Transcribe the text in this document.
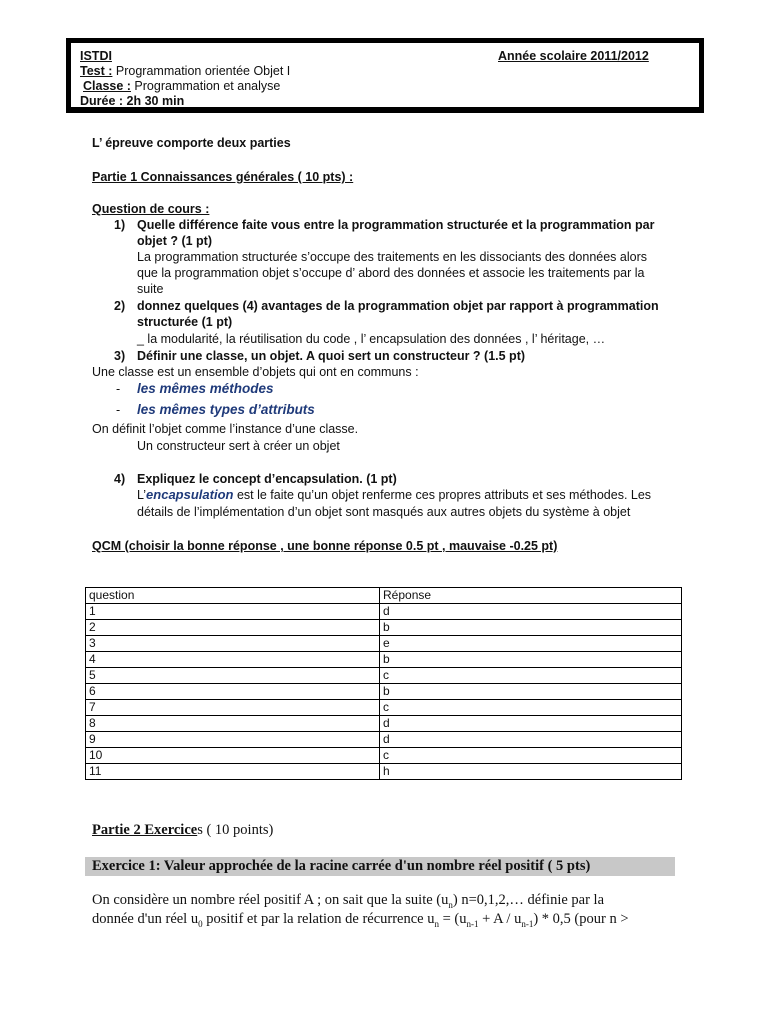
ISTDI	Année scolaire 2011/2012
Test : Programmation orientée Objet I
Classe : Programmation et analyse
Durée : 2h 30 min
L’ épreuve comporte deux parties
Partie 1 Connaissances générales ( 10 pts) :
Question de cours :
1) Quelle différence faite vous entre la programmation structurée et la programmation par
objet ? (1 pt)
La programmation structurée s’occupe des traitements en les dissociants des données alors
que la programmation objet s’occupe d’ abord des données et associe les traitements par la
suite
2) donnez quelques (4) avantages de la programmation objet par rapport à programmation
structurée (1 pt)
_ la modularité, la réutilisation du code , l’ encapsulation des données , l’ héritage, …
3) Définir une classe, un objet. A quoi sert un constructeur ? (1.5 pt)
Une classe est un ensemble d’objets qui ont en communs :
- les mêmes méthodes
- les mêmes types d’attributs
On définit l’objet comme l’instance d’une classe.
Un constructeur sert à créer un objet
4) Expliquez le concept d’encapsulation. (1 pt)
L’encapsulation est le faite qu’un objet renferme ces propres attributs et ses méthodes. Les
détails de l’implémentation d’un objet sont masqués aux autres objets du système à objet
QCM (choisir la bonne réponse , une bonne réponse 0.5 pt , mauvaise -0.25 pt)
question	Réponse
1	d
2	b
3	e
4	b
5	c
6	b
7	c
8	d
9	d
10	c
11	h
Partie 2 Exercices ( 10 points)
Exercice 1: Valeur approchée de la racine carrée d'un nombre réel positif ( 5 pts)
On considère un nombre réel positif A ; on sait que la suite $(u_n)$ n=0,1,2,… définie par la
donnée d'un réel $u_0$ positif et par la relation de récurrence $u_n = (u_{n-1} + A / u_{n-1}) * 0,5$ (pour n >
